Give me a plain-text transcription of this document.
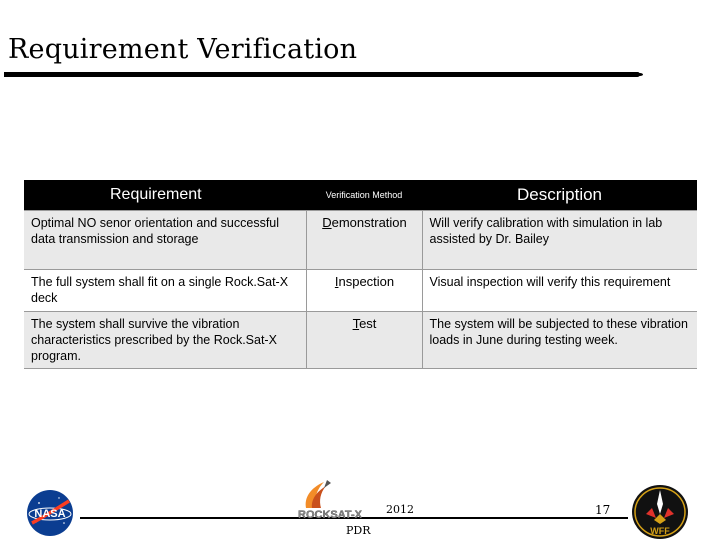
Requirement Verification
Requirement	Verification Method	Description
Optimal NO senor orientation and successful data transmission and storage	Demonstration	Will verify calibration with simulation in lab assisted by Dr. Bailey
The full system shall fit on a single Rock.Sat-X deck	Inspection	Visual inspection will verify this requirement
The system shall survive the vibration characteristics prescribed by the Rock.Sat-X program.	Test	The system will be subjected to these vibration loads in June during testing week.
NASA	ROCKSAT-X 2012
PDR
17
WFF
